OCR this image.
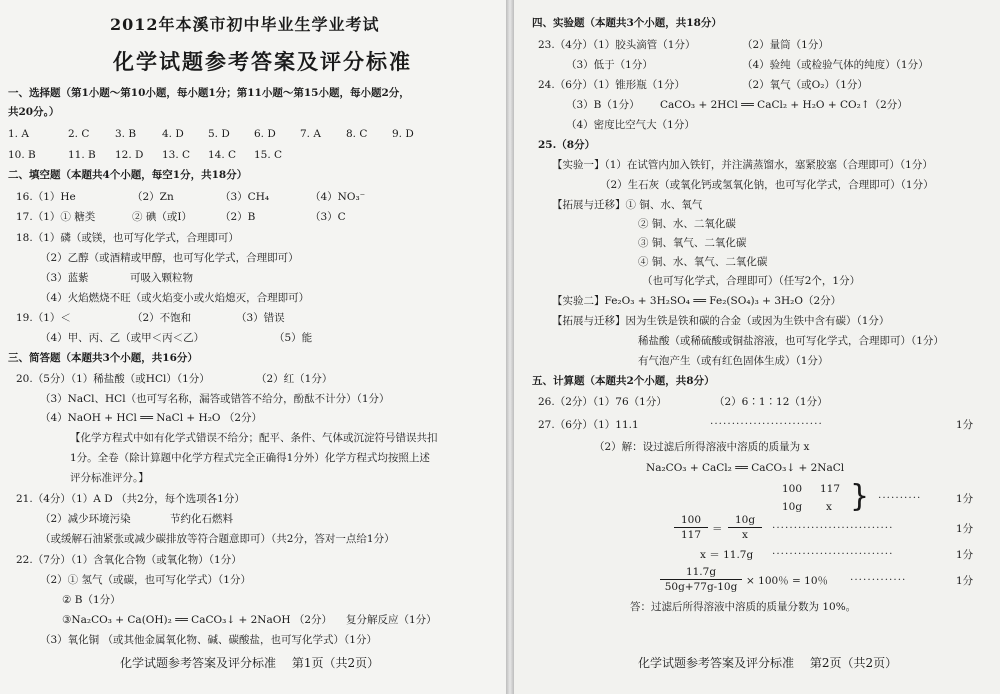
2012年本溪市初中毕业生学业考试
化学试题参考答案及评分标准
一、选择题（第1小题～第10小题，每小题1分；第11小题～第15小题，每小题2分，
共20分。）
1. A	2. C 3. B 4. D 5. D 6. D 7. A 8. C 9. D
10. B	11. B 12. D 13. C 14. C 15. C
二、填空题（本题共4个小题，每空1分，共18分）
16.（1）He	（2）Zn	（3）CH₄	（4）NO₃⁻
17.（1）① 糖类	② 碘（或I）	（2）B	（3）C
18.（1）磷（或镁，也可写化学式，合理即可）
（2）乙醇（或酒精或甲醇，也可写化学式，合理即可）
（3）蓝紫	可吸入颗粒物
（4）火焰燃烧不旺（或火焰变小或火焰熄灭，合理即可）
19.（1）＜	（2）不饱和	（3）错误
（4）甲、丙、乙（或甲＜丙＜乙）	（5）能
三、简答题（本题共3个小题，共16分）
20.（5分）（1）稀盐酸（或HCl）（1分）	（2）红（1分）
（3）NaCl、HCl（也可写名称，漏答或错答不给分，酚酞不计分）（1分）
（4）NaOH + HCl ══ NaCl + H₂O （2分）
【化学方程式中如有化学式错误不给分；配平、条件、气体或沉淀符号错误共扣
1分。全卷（除计算题中化学方程式完全正确得1分外）化学方程式均按照上述
评分标准评分。】
21.（4分）（1）A D （共2分，每个选项各1分）
（2）减少环境污染	节约化石燃料
（或缓解石油紧张或减少碳排放等符合题意即可）（共2分，答对一点给1分）
22.（7分）（1）含氧化合物（或氧化物）（1分）
（2）① 氢气（或碳，也可写化学式）（1分）
② B（1分）
③Na₂CO₃ + Ca(OH)₂ ══ CaCO₃↓ + 2NaOH （2分） 复分解反应（1分）
（3）氧化铜 （或其他金属氧化物、碱、碳酸盐，也可写化学式）（1分）
化学试题参考答案及评分标准　 第1页（共2页）
四、实验题（本题共3个小题，共18分）
23.（4分）（1）胶头滴管（1分）	（2）量筒（1分）
（3）低于（1分）	（4）验纯（或检验气体的纯度）（1分）
24.（6分）（1）锥形瓶（1分）	（2）氧气（或O₂）（1分）
（3）B（1分） CaCO₃ + 2HCl ══ CaCl₂ + H₂O + CO₂↑（2分）
（4）密度比空气大（1分）
25.（8分）
【实验一】（1）在试管内加入铁钉，并注满蒸馏水，塞紧胶塞（合理即可）（1分）
（2）生石灰（或氧化钙或氢氧化钠，也可写化学式，合理即可）（1分）
【拓展与迁移】① 铜、水、氧气
② 铜、水、二氧化碳
③ 铜、氧气、二氧化碳
④ 铜、水、氧气、二氧化碳
（也可写化学式，合理即可）（任写2个，1分）
【实验二】Fe₂O₃ + 3H₂SO₄ ══ Fe₂(SO₄)₃ + 3H₂O（2分）
【拓展与迁移】因为生铁是铁和碳的合金（或因为生铁中含有碳）（1分）
稀盐酸（或稀硫酸或铜盐溶液，也可写化学式，合理即可）（1分）
有气泡产生（或有红色固体生成）（1分）
五、计算题（本题共2个小题，共8分）
26.（2分）（1）76（1分）	（2）6∶1∶12（1分）
27.（6分）（1）11.1	··························	1分
（2）解：设过滤后所得溶液中溶质的质量为 x
Na₂CO₃ + CaCl₂ ══ CaCO₃↓ + 2NaCl
100 117
10g x } ··········	1分
100
117	＝
10g
x
····························	1分
x ＝ 11.7g ····························	1分
11.7g
50g+77g-10g × 100％ = 10％ ·············	1分
答：过滤后所得溶液中溶质的质量分数为 10%。
化学试题参考答案及评分标准　 第2页（共2页）
